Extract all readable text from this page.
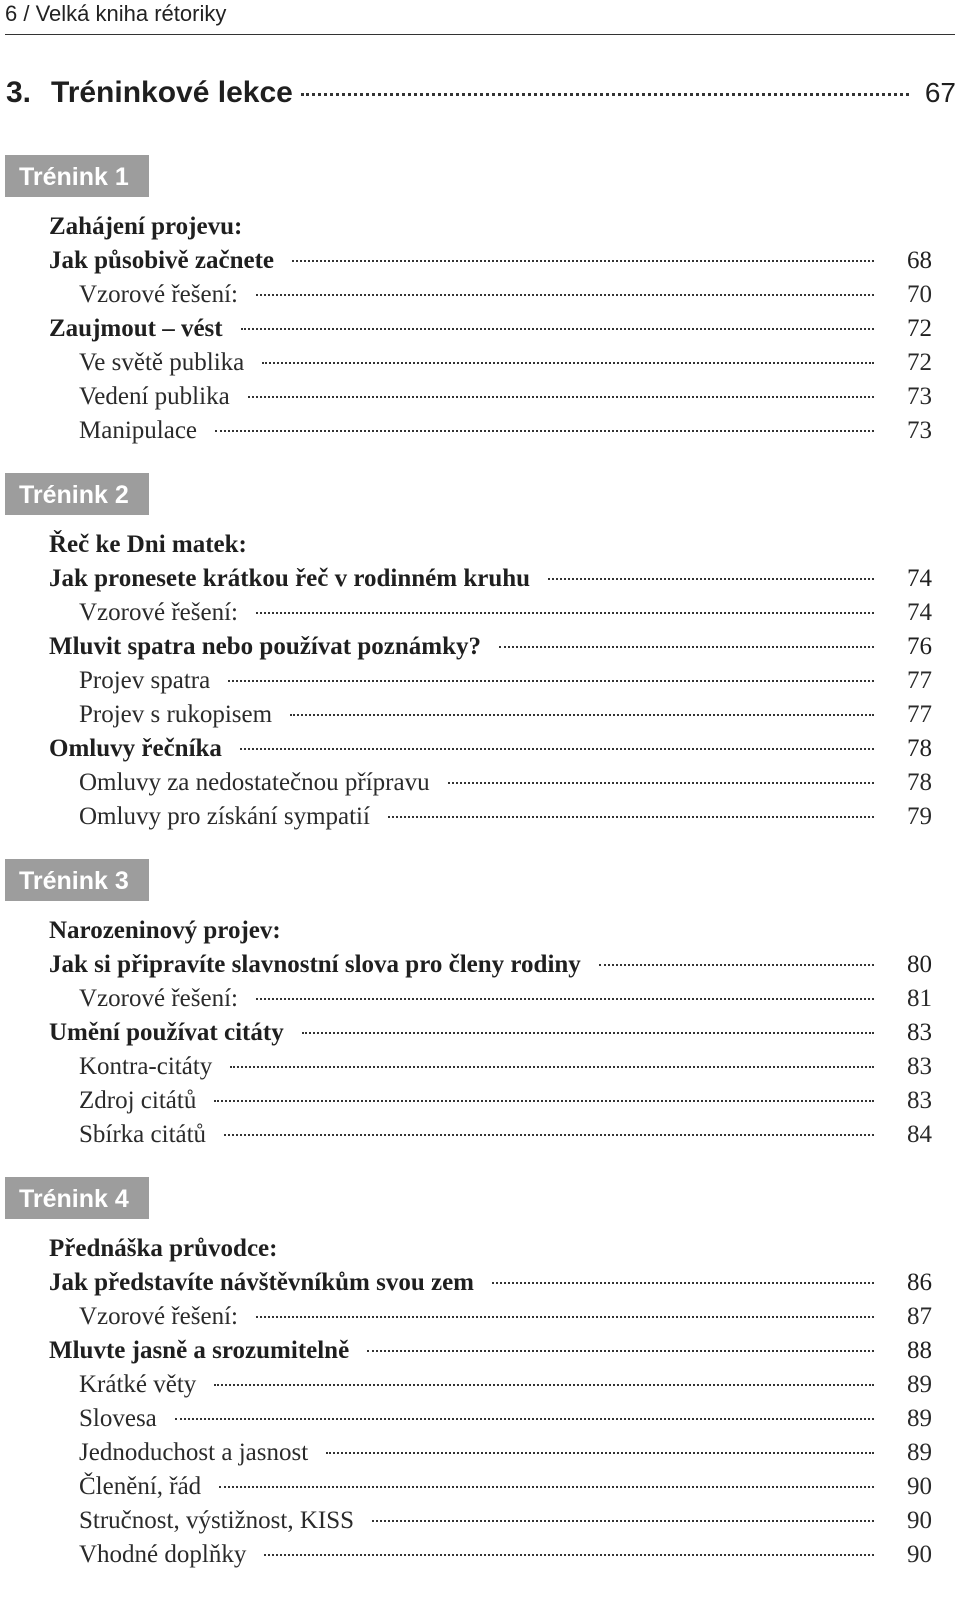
6 / Velká kniha rétoriky
3. Tréninkové lekce	67
Trénink 1
Zahájení projevu:
Jak působivě začnete	68
Vzorové řešení:	70
Zaujmout – vést	72
Ve světě publika	72
Vedení publika	73
Manipulace	73
Trénink 2
Řeč ke Dni matek:
Jak pronesete krátkou řeč v rodinném kruhu	74
Vzorové řešení:	74
Mluvit spatra nebo používat poznámky?	76
Projev spatra	77
Projev s rukopisem	77
Omluvy řečníka	78
Omluvy za nedostatečnou přípravu	78
Omluvy pro získání sympatií	79
Trénink 3
Narozeninový projev:
Jak si připravíte slavnostní slova pro členy rodiny	80
Vzorové řešení:	81
Umění používat citáty	83
Kontra-citáty	83
Zdroj citátů	83
Sbírka citátů	84
Trénink 4
Přednáška průvodce:
Jak představíte návštěvníkům svou zem	86
Vzorové řešení:	87
Mluvte jasně a srozumitelně	88
Krátké věty	89
Slovesa	89
Jednoduchost a jasnost	89
Členění, řád	90
Stručnost, výstižnost, KISS	90
Vhodné doplňky	90
